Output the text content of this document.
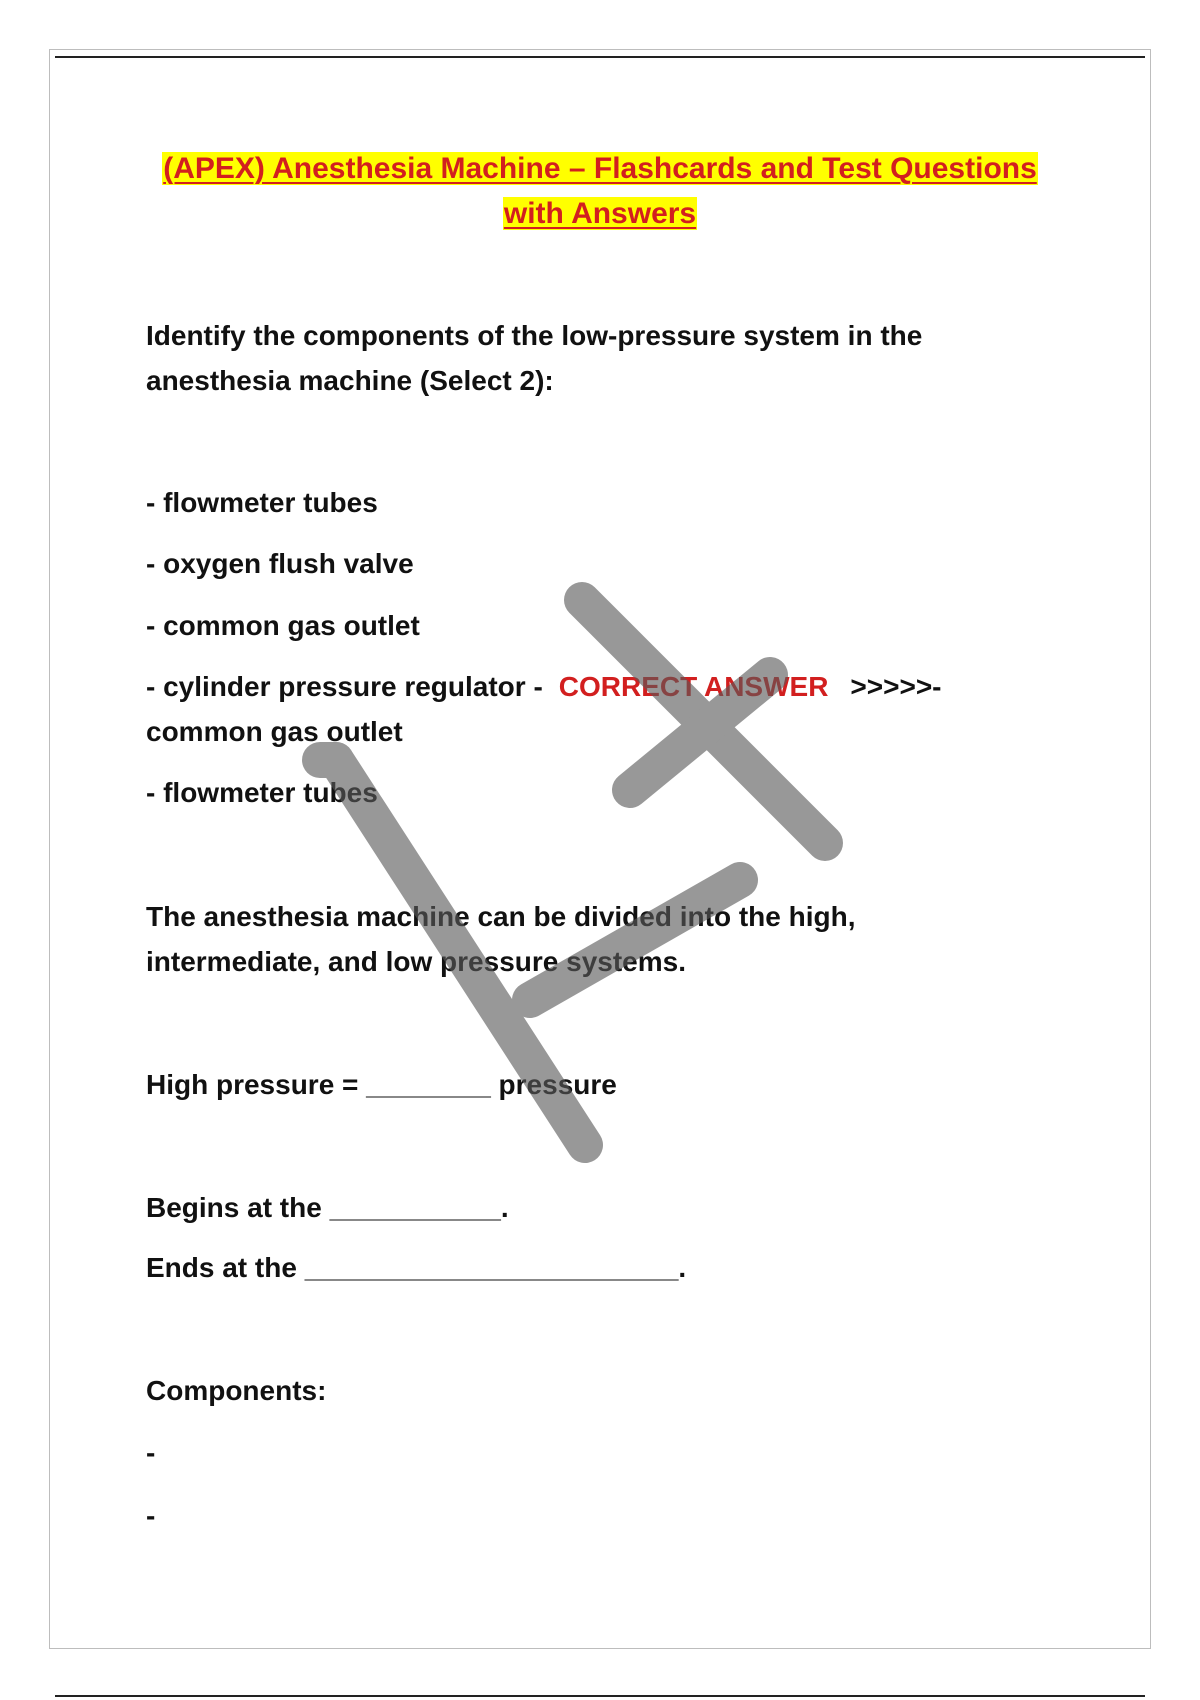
(APEX) Anesthesia Machine – Flashcards and Test Questions
with Answers
Identify the components of the low-pressure system in the
anesthesia machine (Select 2):
- flowmeter tubes
- oxygen flush valve
- common gas outlet
- cylinder pressure regulator - CORRECT ANSWER >>>>>-
common gas outlet
- flowmeter tubes
The anesthesia machine can be divided into the high,
intermediate, and low pressure systems.
High pressure = ________ pressure
Begins at the ___________.
Ends at the ________________________.
Components:
-
-
